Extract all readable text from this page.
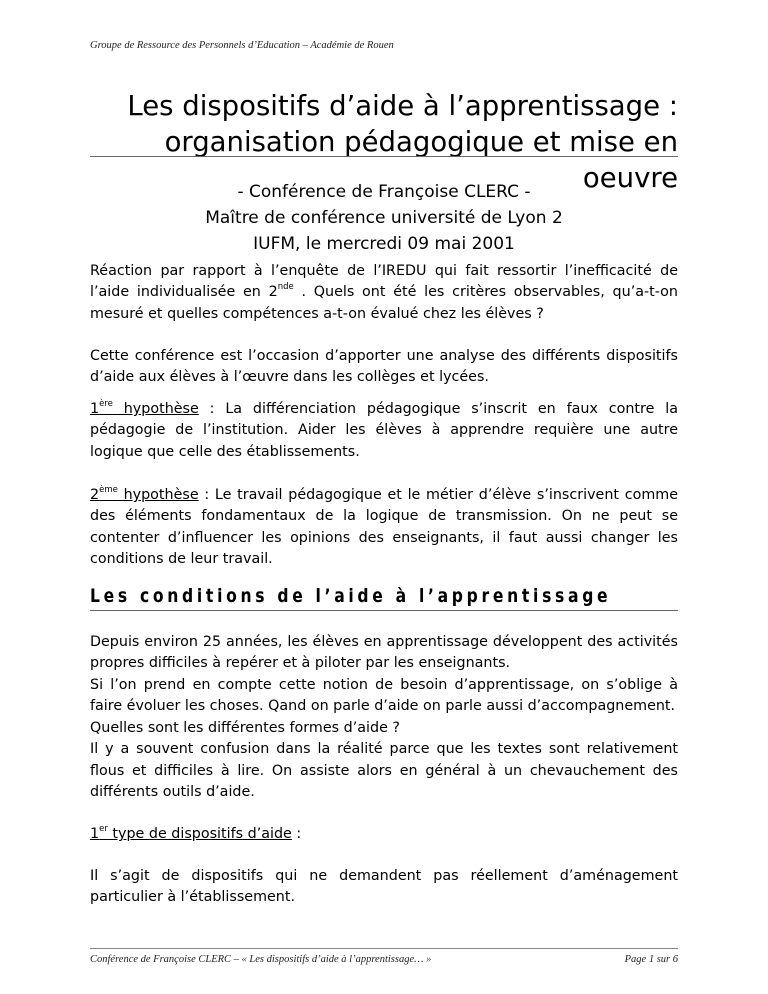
Groupe de Ressource des Personnels d’Education – Académie de Rouen
Les dispositifs d’aide à l’apprentissage :
organisation pédagogique et mise en oeuvre
- Conférence de Françoise CLERC -
Maître de conférence université de Lyon 2
IUFM, le mercredi 09 mai 2001
Réaction par rapport à l’enquête de l’IREDU qui fait ressortir l’inefficacité de l’aide individualisée en 2nde . Quels ont été les critères observables, qu’a-t-on mesuré et quelles compétences a-t-on évalué chez les élèves ?
Cette conférence est l’occasion d’apporter une analyse des différents dispositifs d’aide aux élèves à l’œuvre dans les collèges et lycées.
1ère hypothèse : La différenciation pédagogique s’inscrit en faux contre la pédagogie de l’institution. Aider les élèves à apprendre requière une autre logique que celle des établissements.
2ème hypothèse : Le travail pédagogique et le métier d’élève s’inscrivent comme des éléments fondamentaux de la logique de transmission. On ne peut se contenter d’influencer les opinions des enseignants, il faut aussi changer les conditions de leur travail.
Les conditions de l’aide à l’apprentissage
Depuis environ 25 années, les élèves en apprentissage développent des activités propres difficiles à repérer et à piloter par les enseignants.
Si l’on prend en compte cette notion de besoin d’apprentissage, on s’oblige à faire évoluer les choses. Qand on parle d’aide on parle aussi d’accompagnement.
Quelles sont les différentes formes d’aide ?
Il y a souvent confusion dans la réalité parce que les textes sont relativement flous et difficiles à lire. On assiste alors en général à un chevauchement des différents outils d’aide.
1er type de dispositifs d’aide :
Il s’agit de dispositifs qui ne demandent pas réellement d’aménagement particulier à l’établissement.
Conférence de Françoise CLERC – « Les dispositifs d’aide à l’apprentissage… »	Page 1 sur 6
